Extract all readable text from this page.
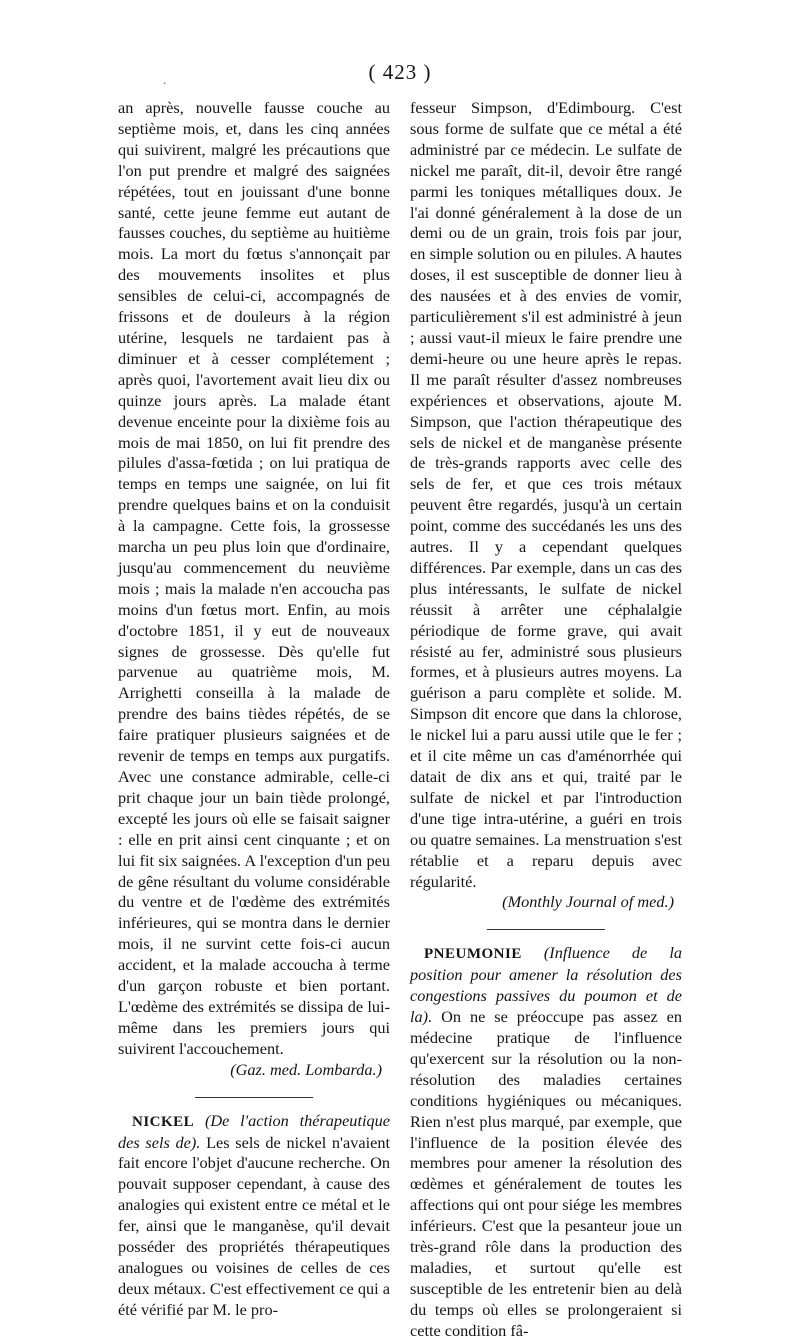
( 423 )
.

an après, nouvelle fausse couche au septième mois, et, dans les cinq années qui suivirent, malgré les précautions que l'on put prendre et malgré des saignées répétées, tout en jouissant d'une bonne santé, cette jeune femme eut autant de fausses couches, du septième au huitième mois. La mort du fœtus s'annonçait par des mouvements insolites et plus sensibles de celui-ci, accompagnés de frissons et de douleurs à la région utérine, lesquels ne tardaient pas à diminuer et à cesser complétement ; après quoi, l'avortement avait lieu dix ou quinze jours après. La malade étant devenue enceinte pour la dixième fois au mois de mai 1850, on lui fit prendre des pilules d'assa-fœtida ; on lui pratiqua de temps en temps une saignée, on lui fit prendre quelques bains et on la conduisit à la campagne. Cette fois, la grossesse marcha un peu plus loin que d'ordinaire, jusqu'au commencement du neuvième mois ; mais la malade n'en accoucha pas moins d'un fœtus mort. Enfin, au mois d'octobre 1851, il y eut de nouveaux signes de grossesse. Dès qu'elle fut parvenue au quatrième mois, M. Arrighetti conseilla à la malade de prendre des bains tièdes répétés, de se faire pratiquer plusieurs saignées et de revenir de temps en temps aux purgatifs. Avec une constance admirable, celle-ci prit chaque jour un bain tiède prolongé, excepté les jours où elle se faisait saigner : elle en prit ainsi cent cinquante ; et on lui fit six saignées. A l'exception d'un peu de gêne résultant du volume considérable du ventre et de l'œdème des extrémités inférieures, qui se montra dans le dernier mois, il ne survint cette fois-ci aucun accident, et la malade accoucha à terme d'un garçon robuste et bien portant. L'œdème des extrémités se dissipa de lui-même dans les premiers jours qui suivirent l'accouchement.

(Gaz. med. Lombarda.)

NICKEL (De l'action thérapeutique des sels de). Les sels de nickel n'avaient fait encore l'objet d'aucune recherche. On pouvait supposer cependant, à cause des analogies qui existent entre ce métal et le fer, ainsi que le manganèse, qu'il devait posséder des propriétés thérapeutiques analogues ou voisines de celles de ces deux métaux. C'est effectivement ce qui a été vérifié par M. le pro-

fesseur Simpson, d'Edimbourg. C'est sous forme de sulfate que ce métal a été administré par ce médecin. Le sulfate de nickel me paraît, dit-il, devoir être rangé parmi les toniques métalliques doux. Je l'ai donné généralement à la dose de un demi ou de un grain, trois fois par jour, en simple solution ou en pilules. A hautes doses, il est susceptible de donner lieu à des nausées et à des envies de vomir, particulièrement s'il est administré à jeun ; aussi vaut-il mieux le faire prendre une demi-heure ou une heure après le repas. Il me paraît résulter d'assez nombreuses expériences et observations, ajoute M. Simpson, que l'action thérapeutique des sels de nickel et de manganèse présente de très-grands rapports avec celle des sels de fer, et que ces trois métaux peuvent être regardés, jusqu'à un certain point, comme des succédanés les uns des autres. Il y a cependant quelques différences. Par exemple, dans un cas des plus intéressants, le sulfate de nickel réussit à arrêter une céphalalgie périodique de forme grave, qui avait résisté au fer, administré sous plusieurs formes, et à plusieurs autres moyens. La guérison a paru complète et solide. M. Simpson dit encore que dans la chlorose, le nickel lui a paru aussi utile que le fer ; et il cite même un cas d'aménorrhée qui datait de dix ans et qui, traité par le sulfate de nickel et par l'introduction d'une tige intra-utérine, a guéri en trois ou quatre semaines. La menstruation s'est rétablie et a reparu depuis avec régularité.

(Monthly Journal of med.)

PNEUMONIE (Influence de la position pour amener la résolution des congestions passives du poumon et de la). On ne se préoccupe pas assez en médecine pratique de l'influence qu'exercent sur la résolution ou la non-résolution des maladies certaines conditions hygiéniques ou mécaniques. Rien n'est plus marqué, par exemple, que l'influence de la position élevée des membres pour amener la résolution des œdèmes et généralement de toutes les affections qui ont pour siége les membres inférieurs. C'est que la pesanteur joue un très-grand rôle dans la production des maladies, et surtout qu'elle est susceptible de les entretenir bien au delà du temps où elles se prolongeraient si cette condition fâ-
